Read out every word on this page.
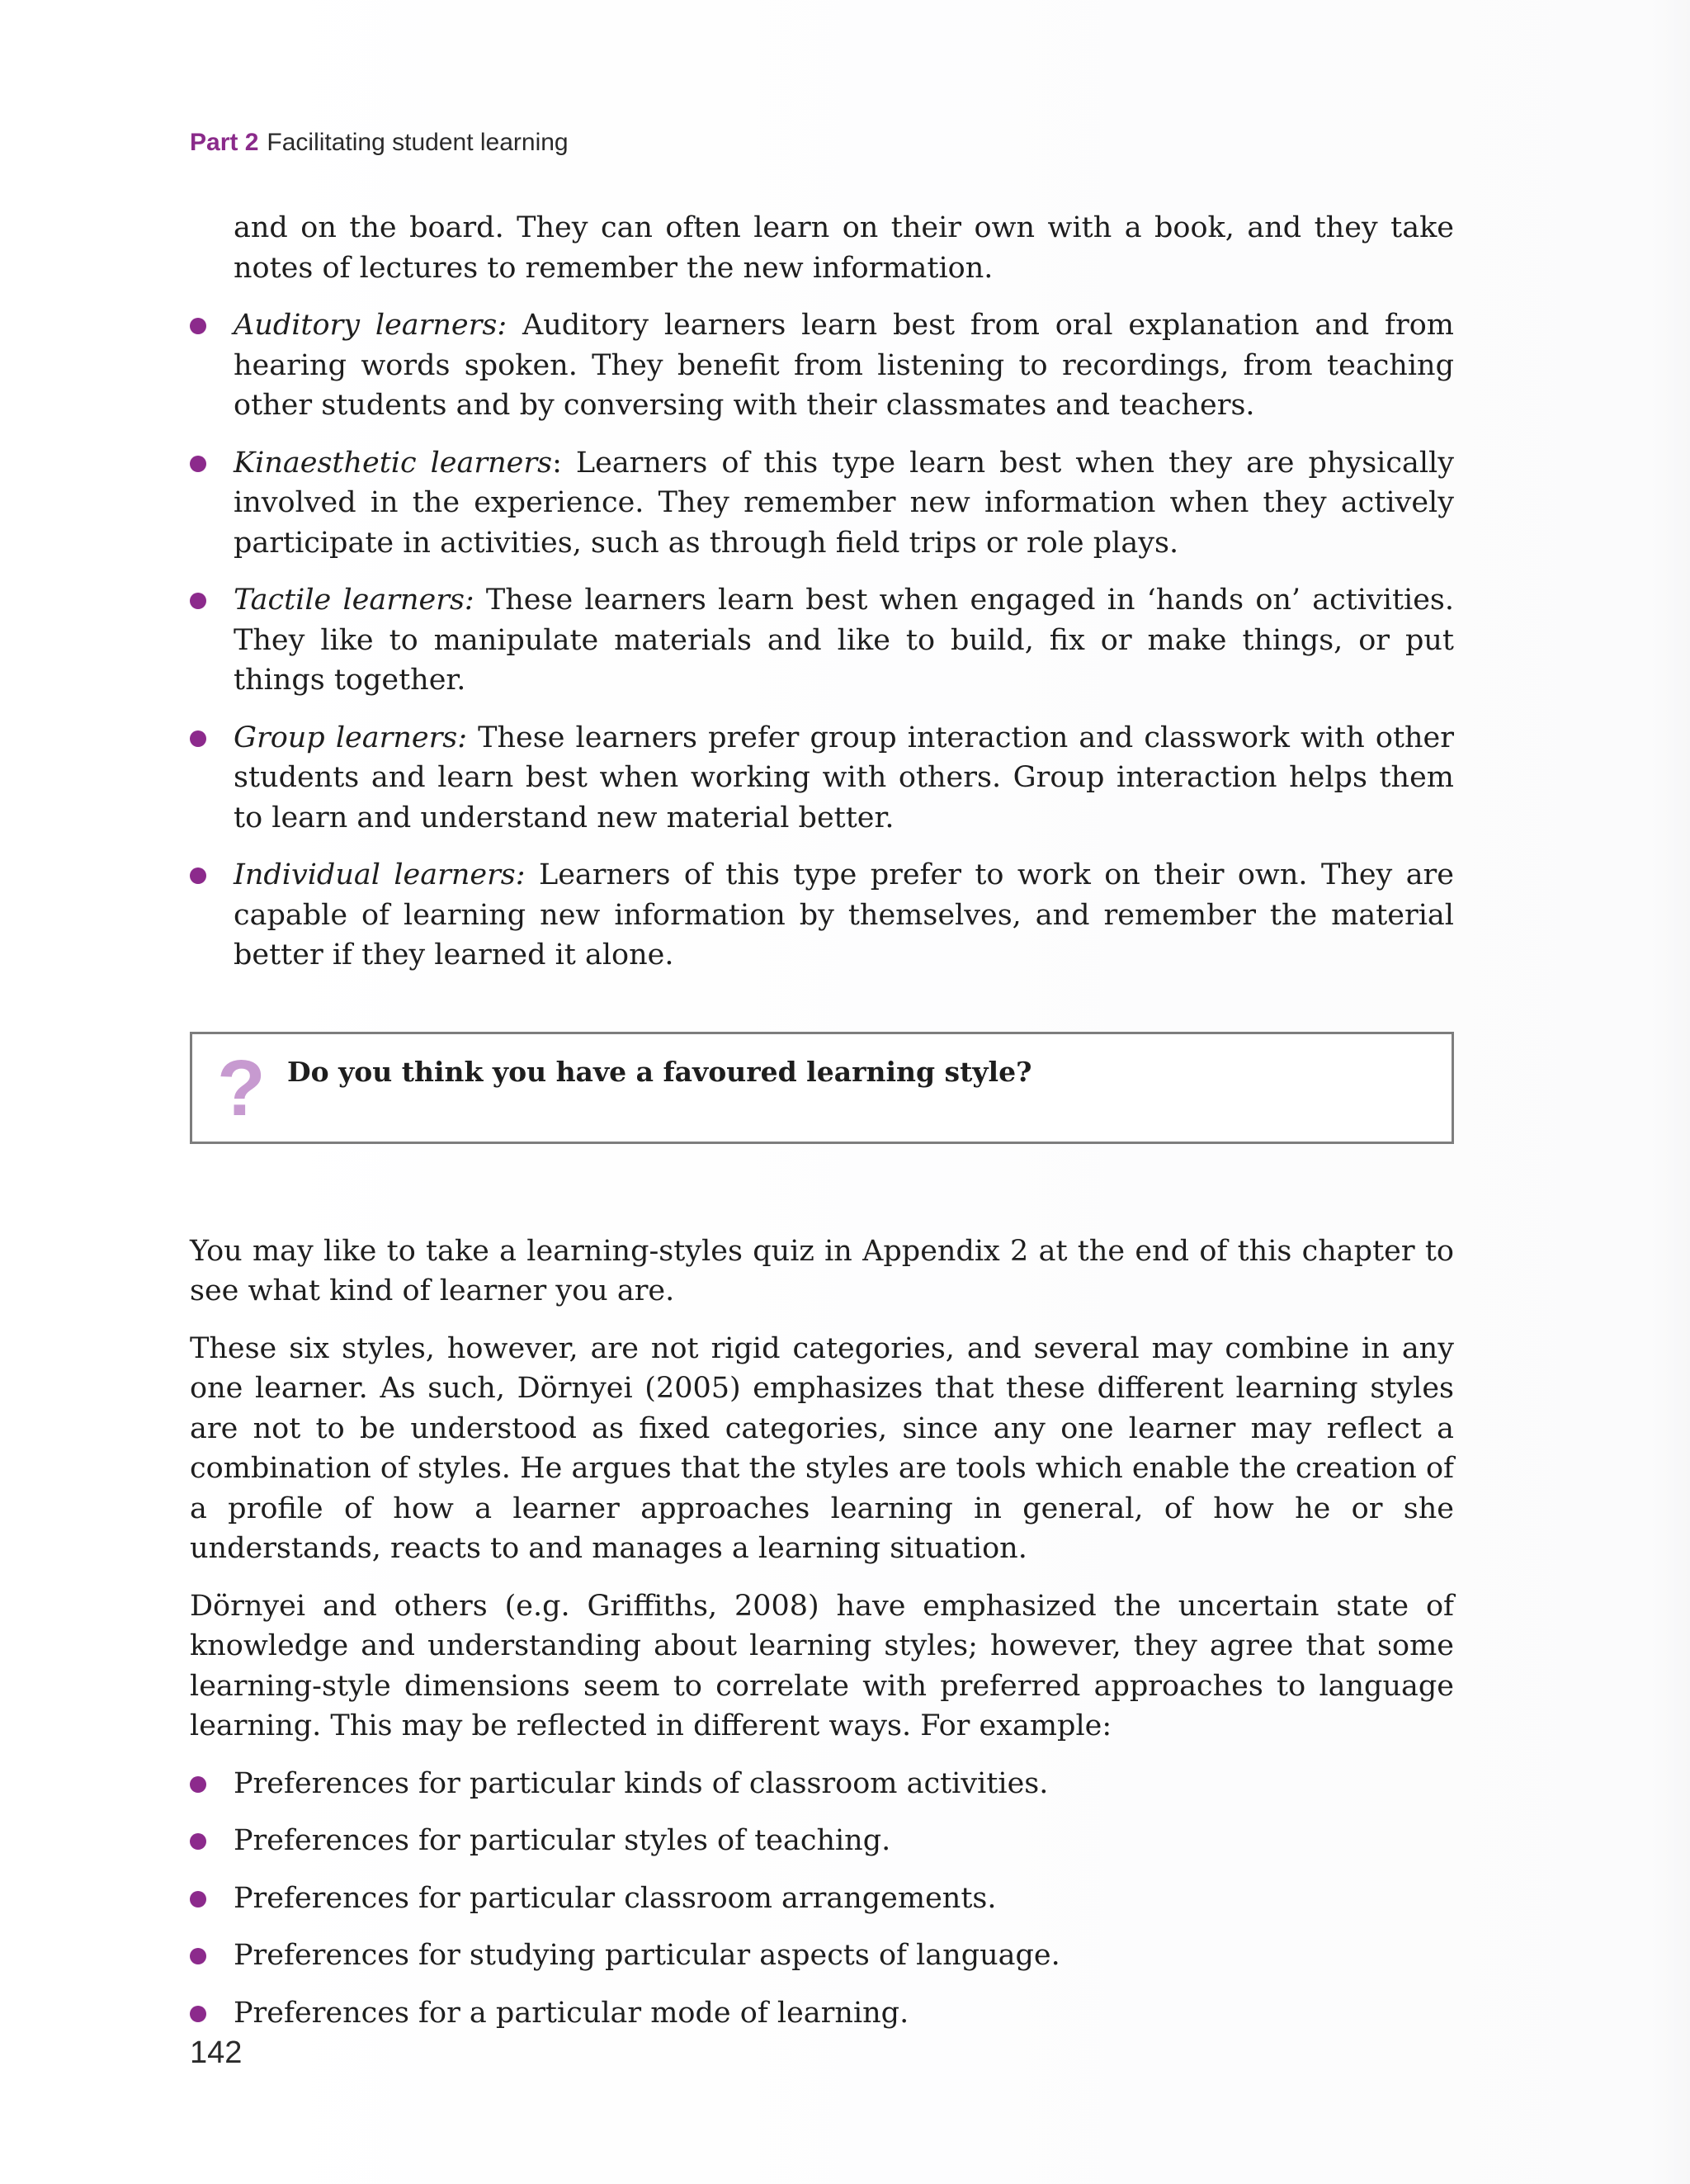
Part 2 Facilitating student learning

and on the board. They can often learn on their own with a book, and they take notes of lectures to remember the new information.

Auditory learners: Auditory learners learn best from oral explanation and from hearing words spoken. They benefit from listening to recordings, from teaching other students and by conversing with their classmates and teachers.
Kinaesthetic learners: Learners of this type learn best when they are physically involved in the experience. They remember new information when they actively participate in activities, such as through field trips or role plays.
Tactile learners: These learners learn best when engaged in ‘hands on’ activities. They like to manipulate materials and like to build, fix or make things, or put things together.
Group learners: These learners prefer group interaction and classwork with other students and learn best when working with others. Group interaction helps them to learn and understand new material better.
Individual learners: Learners of this type prefer to work on their own. They are capable of learning new information by themselves, and remember the material better if they learned it alone.
? Do you think you have a favoured learning style?

You may like to take a learning-styles quiz in Appendix 2 at the end of this chapter to see what kind of learner you are.

These six styles, however, are not rigid categories, and several may combine in any one learner. As such, Dörnyei (2005) emphasizes that these different learning styles are not to be understood as fixed categories, since any one learner may reflect a combination of styles. He argues that the styles are tools which enable the creation of a profile of how a learner approaches learning in general, of how he or she understands, reacts to and manages a learning situation.

Dörnyei and others (e.g. Griffiths, 2008) have emphasized the uncertain state of knowledge and understanding about learning styles; however, they agree that some learning-style dimensions seem to correlate with preferred approaches to language learning. This may be reflected in different ways. For example:

Preferences for particular kinds of classroom activities.
Preferences for particular styles of teaching.
Preferences for particular classroom arrangements.
Preferences for studying particular aspects of language.
Preferences for a particular mode of learning.
142
